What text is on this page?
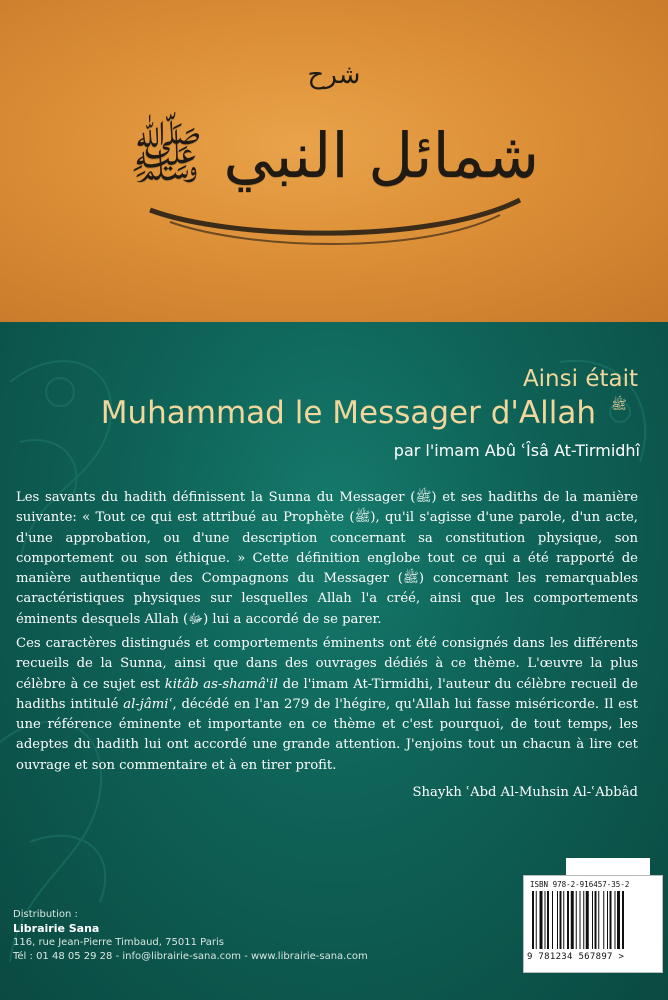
شرح
شمائل النبي ﷺ
Ainsi était
Muhammad le Messager d'Allah	ﷺ
par l'imam Abû ʿÎsâ At-Tirmidhî
Les savants du hadith définissent la Sunna du Messager (ﷺ) et ses hadiths de la manière suivante: « Tout ce qui est attribué au Prophète (ﷺ), qu'il s'agisse d'une parole, d'un acte, d'une approbation, ou d'une description concernant sa constitution physique, son comportement ou son éthique. » Cette définition englobe tout ce qui a été rapporté de manière authentique des Compagnons du Messager (ﷺ) concernant les remarquables caractéristiques physiques sur lesquelles Allah l'a créé, ainsi que les comportements éminents desquels Allah (ﷻ) lui a accordé de se parer.
Ces caractères distingués et comportements éminents ont été consignés dans les différents recueils de la Sunna, ainsi que dans des ouvrages dédiés à ce thème. L'œuvre la plus célèbre à ce sujet est kitâb as-shamâ'il de l'imam At-Tirmidhi, l'auteur du célèbre recueil de hadiths intitulé al-jâmiʿ, décédé en l'an 279 de l'hégire, qu'Allah lui fasse miséricorde. Il est une référence éminente et importante en ce thème et c'est pourquoi, de tout temps, les adeptes du hadith lui ont accordé une grande attention. J'enjoins tout un chacun à lire cet ouvrage et son commentaire et à en tirer profit.
Shaykh ʿAbd Al-Muhsin Al-ʿAbbâd
Distribution :
Librairie Sana
116, rue Jean-Pierre Timbaud, 75011 Paris
Tél : 01 48 05 29 28 - info@librairie-sana.com - www.librairie-sana.com
ISBN 978-2-916457-35-2
9 781234 567897 >
